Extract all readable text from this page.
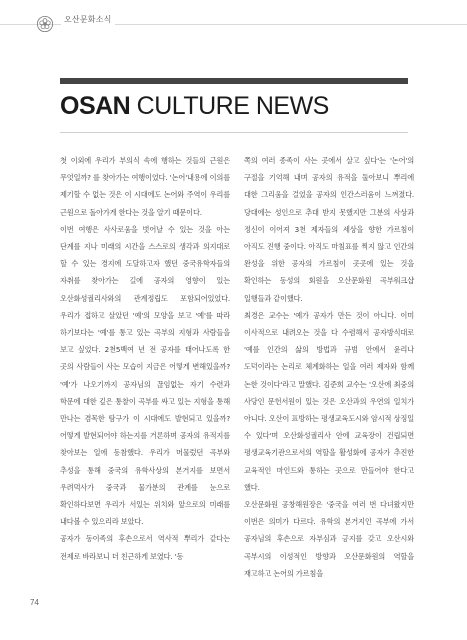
오산문화소식
OSAN CULTURE NEWS

첫 이외에 우리가 부의식 속에 행하는 것들의 근원은 무엇일까? 를 찾아가는 여행이었다. '논어'내용에 이의를 제기할 수 없는 것은 이 시대에도 논어와 주역이 우리를 근원으로 돌아가게 한다는 것을 알기 때문이다.

이번 여행은 사사로움을 벗어날 수 있는 것을 아는 단계를 지나 미래의 시간을 스스로의 생각과 의지대로 할 수 있는 경지에 도달하고자 했던 중국유학자들의 자취를 찾아가는 길에 공자의 영향이 있는 오산화성궐리사와의 관계정립도 포함되어있었다. 우리가 접하고 살았던 '예'의 모양을 보고 '예'를 따라 하기보다는 '예'를 통고 있는 곡부의 지형과 사람들을 보고 싶었다. 2천5백여 년 전 공자를 태어나도록 한 곳의 사람들이 사는 모습이 지금은 어떻게 변해있을까? '예'가 나오기까지 공자님의 끊임없는 자기 수련과 학문에 대한 깊은 통찰이 곡부를 싸고 있는 지형을 통해 만나는 겸목한 탐구가 이 시대에도 발현되고 있을까? 어떻게 발현되어야 하는지를 거론하며 공자의 유적지를 찾아보는 일에 동참했다. 우리가 머물렀던 곡부와 추성을 통해 중국의 유학사상의 본거지를 보면서 우려먹사가 중국과 물가분의 관계를 눈으로 확인하다보면 우리가 서있는 위치와 앞으로의 미래를 내다볼 수 있으리라 보았다.

공자가 동이족의 후손으로서 역사적 뿌리가 같다는 전제로 바라보니 더 친근하게 보였다. '동

쪽의 여러 종족이 사는 곳에서 살고 싶다'는 '논어'의 구절을 기억해 내며 공자의 유적을 둘아보니 뿌리에 대한 그리움을 걸었을 공자의 인간스러움이 느껴졌다. 당대에는 성인으로 추대 받지 못했지만 그분의 사상과 정신이 이어져 3천 제자들의 세상을 향한 가르침이 아직도 진행 중이다. 아직도 마침표를 찍지 않고 인간의 완성을 위한 공자의 가르침이 곳곳에 있는 것을 확인하는 동성의 회원을 오산문화원 곡부워크샵 일행들과 같이했다.

최경은 교수는 '예가 공자가 만든 것이 아니다. 이미 이사적으로 내려오는 것을 다 수렴해서 공자방식대로 '예를 인간의 삶의 방법과 규범 안에서 윤리나 도덕이라는 논리로 체계화하는 일을 여러 제자와 함께 논한 것이다'라고 말했다. 김준희 교수는 '오산에 최중의 사당인 문헌서원이 있는 것은 오산과의 우연의 일치가 아니다. 오산이 표방하는 평생교육도시와 암시적 상징일 수 있다'며 오산화성궐리사 안에 교육장이 건립되면 평생교육기관으로서의 역할을 활성화에 공자가 추진한 교육적인 마인드와 통하는 곳으로 만들어야 한다고 했다.

오산문화원 공창해원장은 '중국을 여러 번 다녀왔지만 이번은 의미가 다르다. 유학의 본거지인 곡부에 가서 공자님의 후손으로 자부심과 긍지를 갖고 오산시와 곡부시의 이성적인 방향과 오산문화원의 역할을 재고하고 논어의 가르침을

74
